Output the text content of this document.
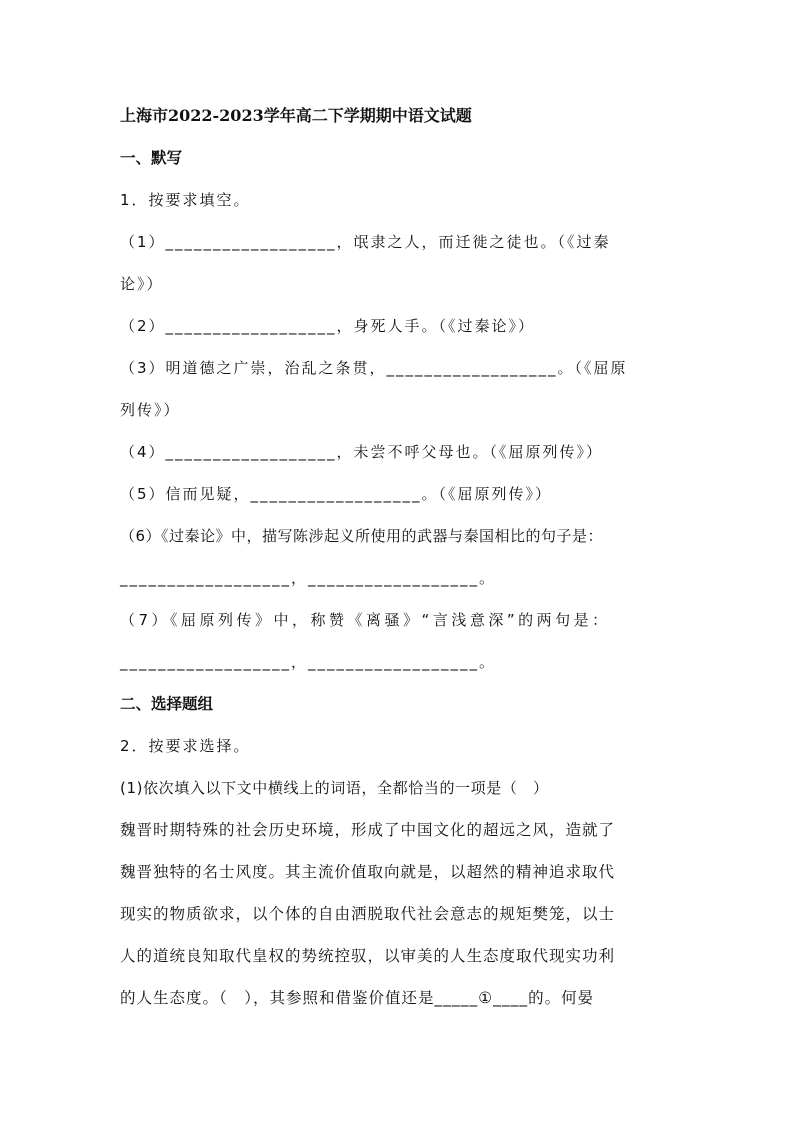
上海市2022-2023学年高二下学期期中语文试题
一、默写
1．按要求填空。
（1）__________________，氓隶之人，而迁徙之徒也。（《过秦
论》）
（2）__________________，身死人手。（《过秦论》）
（3）明道德之广崇，治乱之条贯，__________________。（《屈原
列传》）
（4）__________________，未尝不呼父母也。（《屈原列传》）
（5）信而见疑，__________________。（《屈原列传》）
（6）《过秦论》中，描写陈涉起义所使用的武器与秦国相比的句子是：
__________________，__________________。
（7）《屈原列传》中，称赞《离骚》“言浅意深”的两句是：
__________________，__________________。
二、选择题组
2．按要求选择。
(1)依次填入以下文中横线上的词语，全都恰当的一项是（　）
魏晋时期特殊的社会历史环境，形成了中国文化的超远之风，造就了
魏晋独特的名士风度。其主流价值取向就是，以超然的精神追求取代
现实的物质欲求，以个体的自由洒脱取代社会意志的规矩樊笼，以士
人的道统良知取代皇权的势统控驭，以审美的人生态度取代现实功利
的人生态度。（　），其参照和借鉴价值还是_____①____的。何晏
